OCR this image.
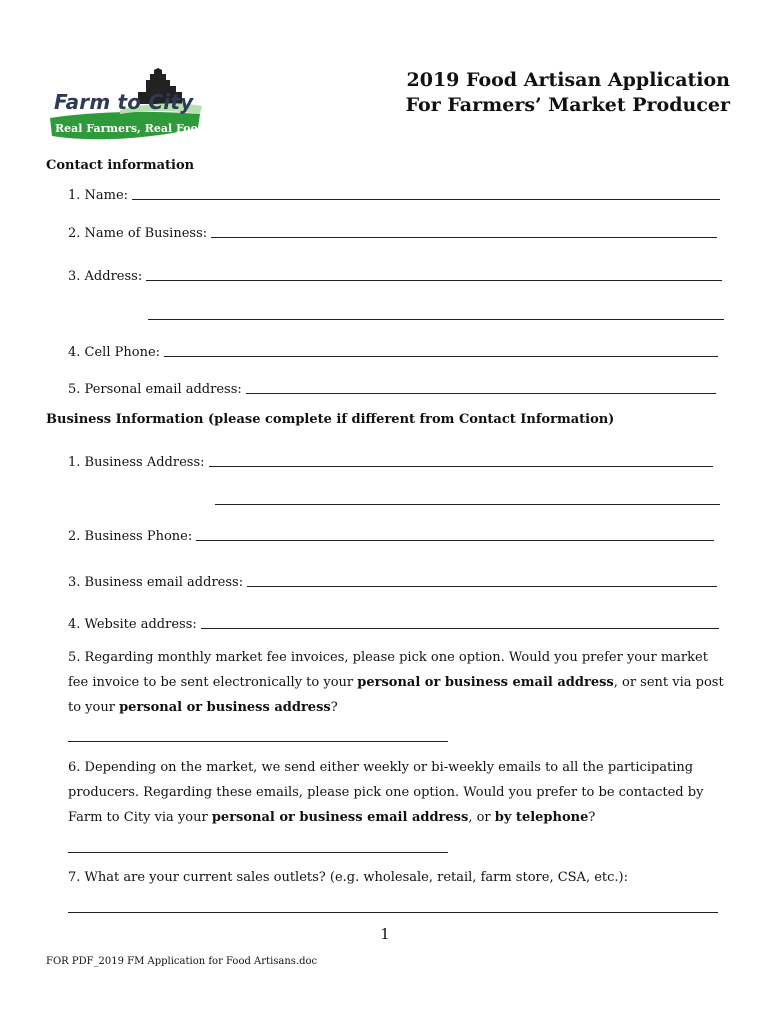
Farm to City
Real Farmers, Real Food
2019 Food Artisan Application
For Farmers’ Market Producer
Contact information
1. Name:
2. Name of Business:
3. Address:
4. Cell Phone:
5. Personal email address:
Business Information (please complete if different from Contact Information)
1. Business Address:
2. Business Phone:
3. Business email address:
4. Website address:
5. Regarding monthly market fee invoices, please pick one option. Would you prefer your market fee invoice to be sent electronically to your personal or business email address, or sent via post to your personal or business address?
6. Depending on the market, we send either weekly or bi-weekly emails to all the participating producers. Regarding these emails, please pick one option. Would you prefer to be contacted by Farm to City via your personal or business email address, or by telephone?
7. What are your current sales outlets? (e.g. wholesale, retail, farm store, CSA, etc.):
1
FOR PDF_2019 FM Application for Food Artisans.doc
